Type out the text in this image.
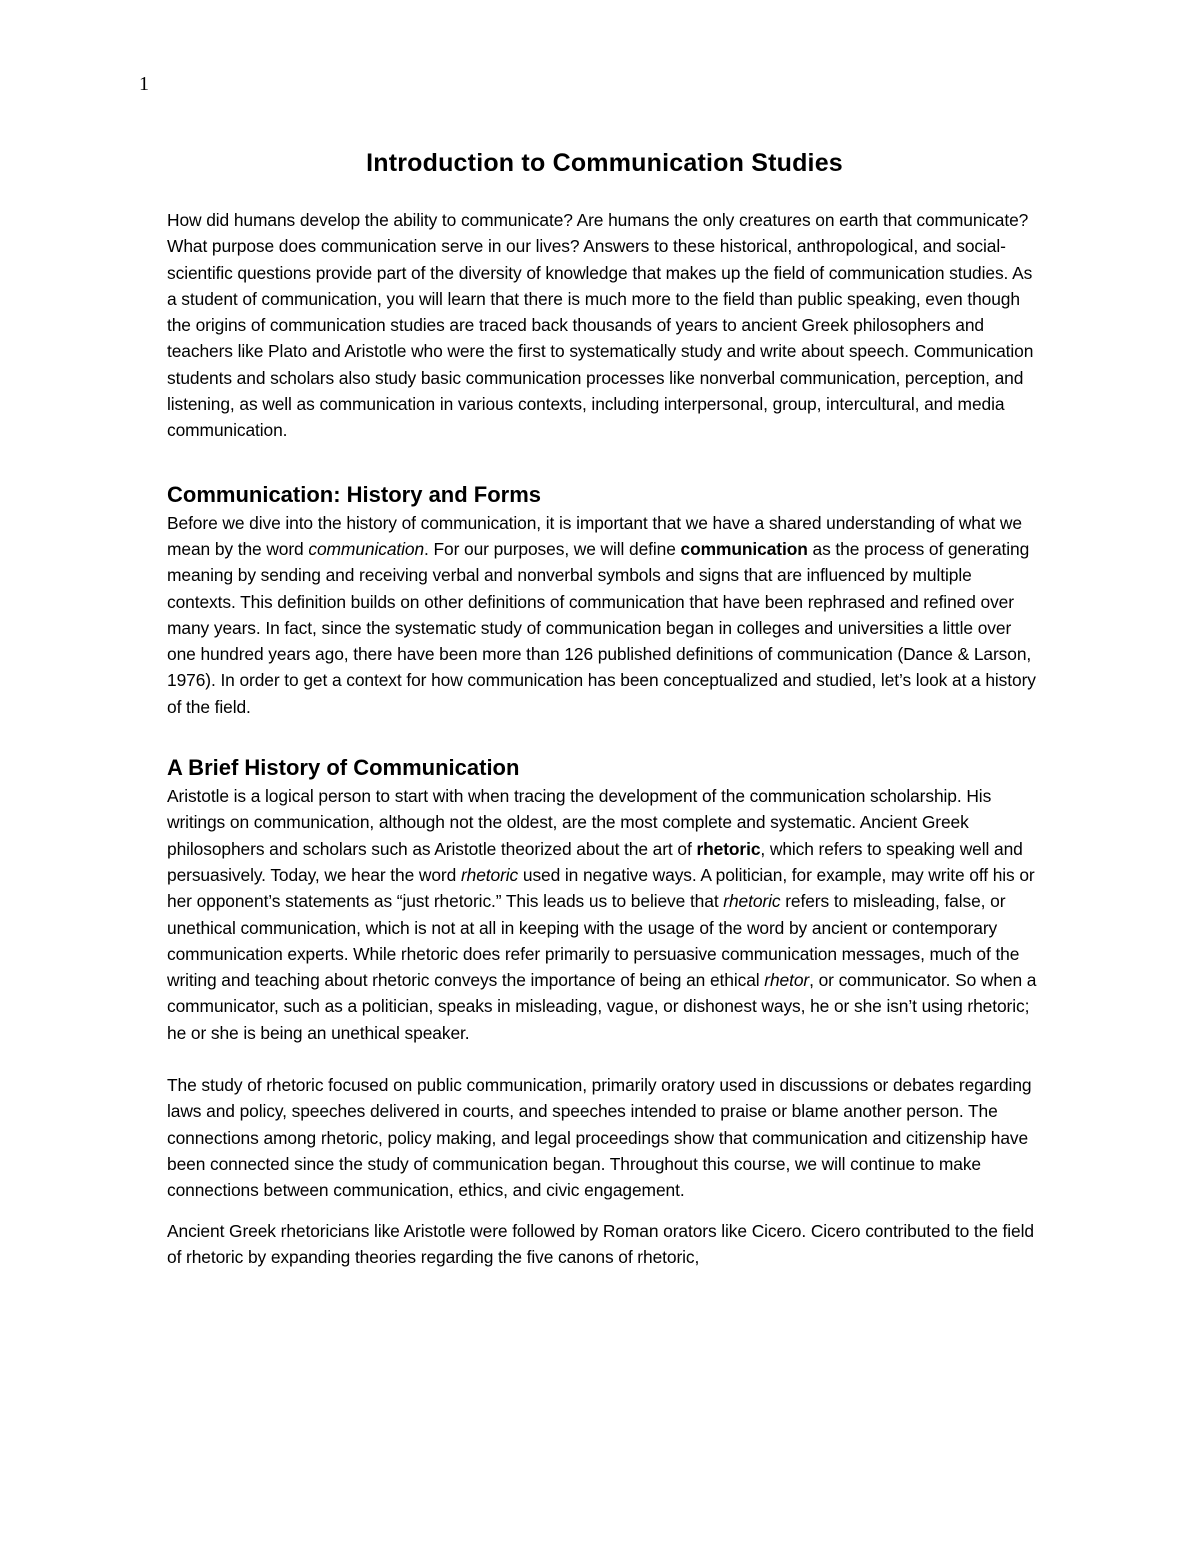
1
Introduction to Communication Studies

How did humans develop the ability to communicate? Are humans the only creatures on earth that communicate? What purpose does communication serve in our lives? Answers to these historical, anthropological, and social-scientific questions provide part of the diversity of knowledge that makes up the field of communication studies. As a student of communication, you will learn that there is much more to the field than public speaking, even though the origins of communication studies are traced back thousands of years to ancient Greek philosophers and teachers like Plato and Aristotle who were the first to systematically study and write about speech. Communication students and scholars also study basic communication processes like nonverbal communication, perception, and listening, as well as communication in various contexts, including interpersonal, group, intercultural, and media communication.

Communication: History and Forms

Before we dive into the history of communication, it is important that we have a shared understanding of what we mean by the word communication. For our purposes, we will define communication as the process of generating meaning by sending and receiving verbal and nonverbal symbols and signs that are influenced by multiple contexts. This definition builds on other definitions of communication that have been rephrased and refined over many years. In fact, since the systematic study of communication began in colleges and universities a little over one hundred years ago, there have been more than 126 published definitions of communication (Dance & Larson, 1976). In order to get a context for how communication has been conceptualized and studied, let’s look at a history of the field.

A Brief History of Communication

Aristotle is a logical person to start with when tracing the development of the communication scholarship. His writings on communication, although not the oldest, are the most complete and systematic. Ancient Greek philosophers and scholars such as Aristotle theorized about the art of rhetoric, which refers to speaking well and persuasively. Today, we hear the word rhetoric used in negative ways. A politician, for example, may write off his or her opponent’s statements as “just rhetoric.” This leads us to believe that rhetoric refers to misleading, false, or unethical communication, which is not at all in keeping with the usage of the word by ancient or contemporary communication experts. While rhetoric does refer primarily to persuasive communication messages, much of the writing and teaching about rhetoric conveys the importance of being an ethical rhetor, or communicator. So when a communicator, such as a politician, speaks in misleading, vague, or dishonest ways, he or she isn’t using rhetoric; he or she is being an unethical speaker.

The study of rhetoric focused on public communication, primarily oratory used in discussions or debates regarding laws and policy, speeches delivered in courts, and speeches intended to praise or blame another person. The connections among rhetoric, policy making, and legal proceedings show that communication and citizenship have been connected since the study of communication began. Throughout this course, we will continue to make connections between communication, ethics, and civic engagement.

Ancient Greek rhetoricians like Aristotle were followed by Roman orators like Cicero. Cicero contributed to the field of rhetoric by expanding theories regarding the five canons of rhetoric,
